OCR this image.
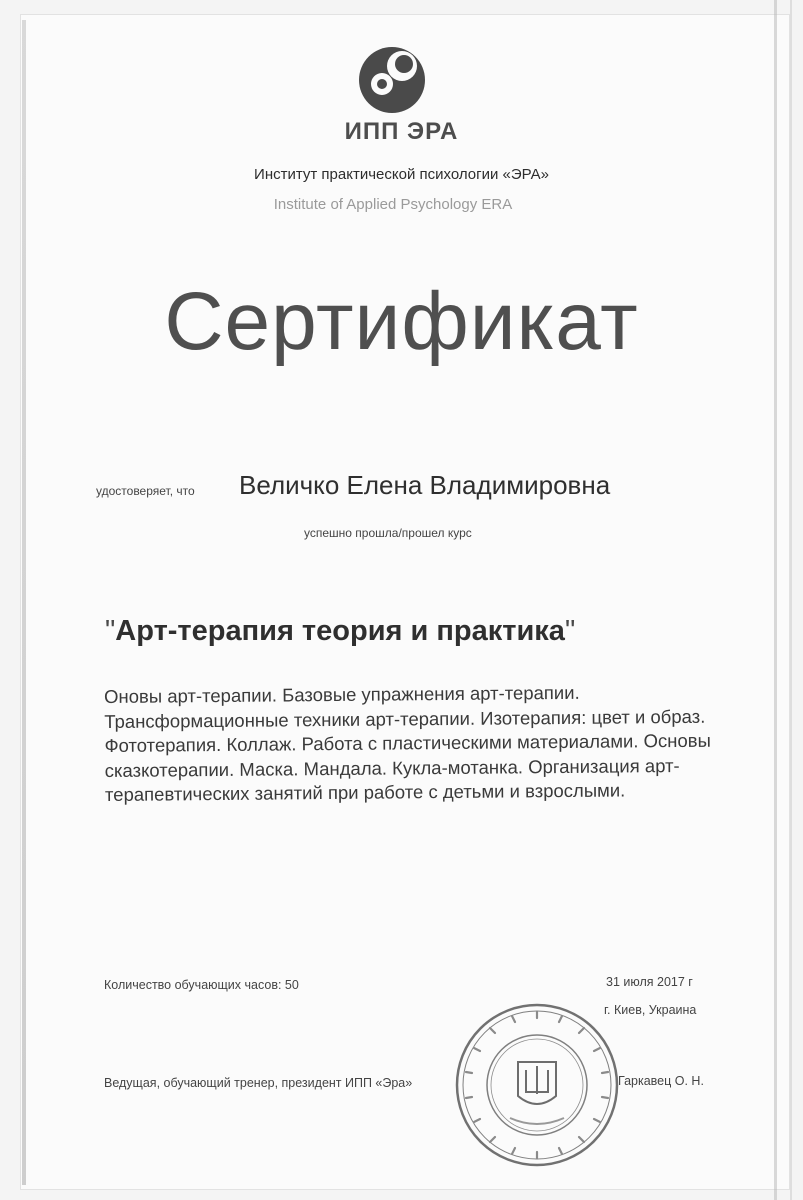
ИПП ЭРА
Институт практической психологии «ЭРА»
Institute of Applied Psychology ERA
Сертификат
удостоверяет, что Величко Елена Владимировна
успешно прошла/прошел курс
"Арт-терапия теория и практика"
Оновы арт-терапии. Базовые упражнения арт-терапии. Трансформационные техники арт-терапии. Изотерапия: цвет и образ. Фототерапия. Коллаж. Работа с пластическими материалами. Основы сказкотерапии. Маска. Мандала. Кукла-мотанка. Организация арт-терапевтических занятий при работе с детьми и взрослыми.
Количество обучающих часов: 50	31 июля 2017 г
г. Киев, Украина
Ведущая, обучающий тренер, президент ИПП «Эра»	Гаркавец О. Н.
